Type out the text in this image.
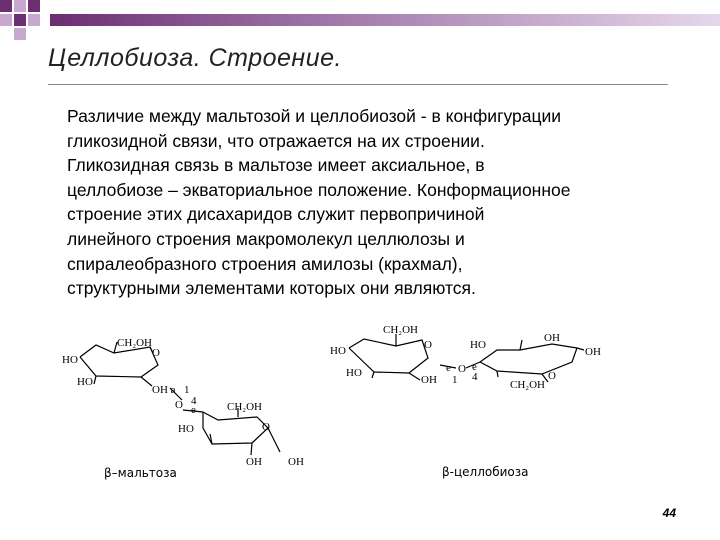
Целлобиоза. Строение.
Различие между мальтозой и целлобиозой - в конфигурации
гликозидной связи, что отражается на их строении.
Гликозидная связь в мальтозе имеет аксиальное, в
целлобиозе – экваториальное положение. Конформационное
строение этих дисахаридов служит первопричиной
линейного строения макромолекул целлюлозы и
спиралеобразного строения амилозы (крахмал),
структурными элементами которых они являются.
CH₂OH
O
HO
HO
OH a 1
O 4
e	CH₂OH
HO	O
OH OH
CH₂OH
O
HO
HO
OH 1
e O e
4
HO
OH
OH
CH₂OH
O
β–мальтоза	β-целлобиоза
44
